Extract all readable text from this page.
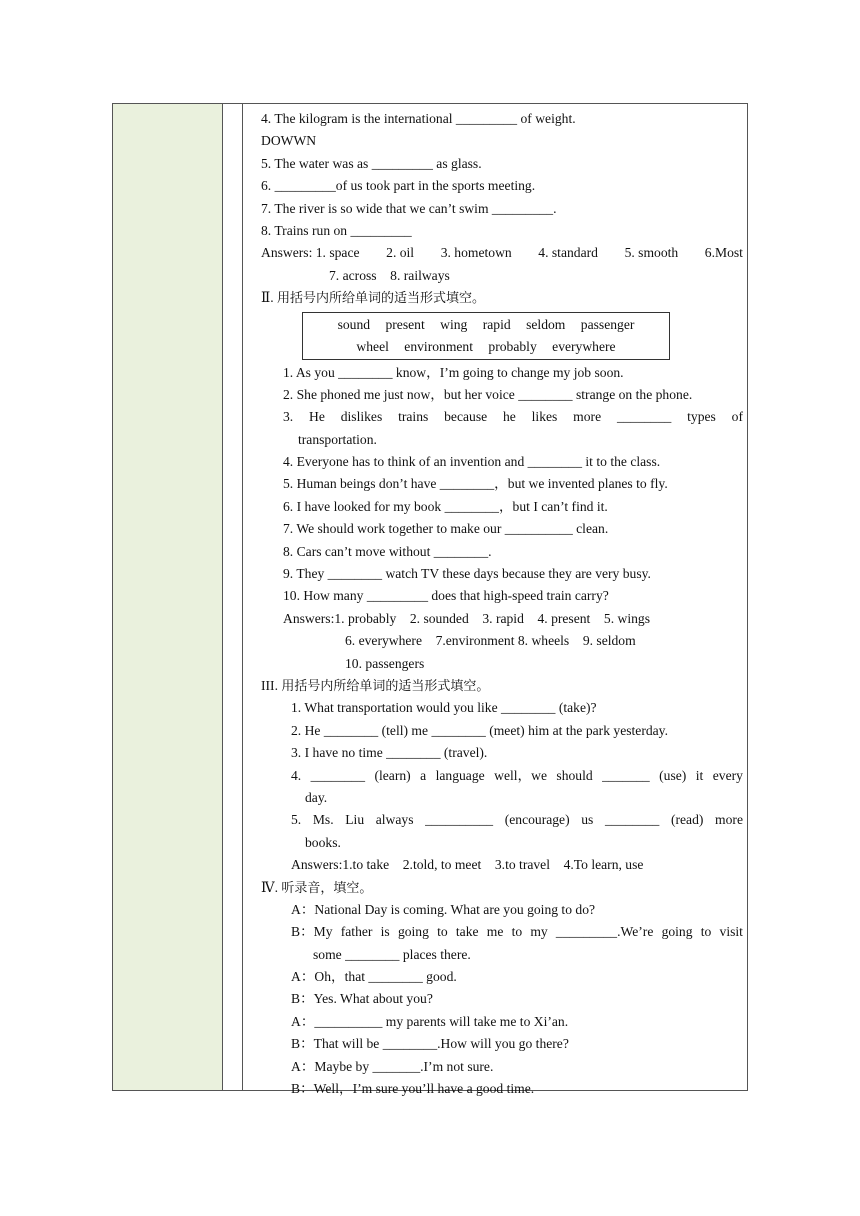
4. The kilogram is the international _________ of weight.
DOWWN
5. The water was as _________ as glass.
6. _________of us took part in the sports meeting.
7. The river is so wide that we can’t swim _________.
8. Trains run on _________
Answers: 1. space 2. oil 3. hometown 4. standard 5. smooth 6.Most
7. across    8. railways
Ⅱ. 用括号内所给单词的适当形式填空。
sound present wing rapid seldom passenger
wheel environment probably everywhere
1. As you ________ know，I’m going to change my job soon.
2. She phoned me just now，but her voice ________ strange on the phone.
3. He dislikes trains because he likes more ________ types of
transportation.
4. Everyone has to think of an invention and ________ it to the class.
5. Human beings don’t have ________，but we invented planes to fly.
6. I have looked for my book ________，but I can’t find it.
7. We should work together to make our __________ clean.
8. Cars can’t move without ________.
9. They ________ watch TV these days because they are very busy.
10. How many _________ does that high-speed train carry?
Answers:1. probably    2. sounded    3. rapid    4. present    5. wings
6. everywhere    7.environment 8. wheels    9. seldom
10. passengers
III. 用括号内所给单词的适当形式填空。
1. What transportation would you like ________ (take)?
2. He ________ (tell) me ________ (meet) him at the park yesterday.
3. I have no time ________ (travel).
4. ________ (learn) a language well，we should _______ (use) it every
day.
5. Ms. Liu always __________ (encourage) us ________ (read) more
books.
Answers:1.to take    2.told, to meet    3.to travel    4.To learn, use
Ⅳ. 听录音，填空。
A：National Day is coming. What are you going to do?
B：My father is going to take me to my _________.We’re going to visit
some ________ places there.
A：Oh，that ________ good.
B：Yes. What about you?
A：__________ my parents will take me to Xi’an.
B：That will be ________.How will you go there?
A：Maybe by _______.I’m not sure.
B：Well，I’m sure you’ll have a good time.
